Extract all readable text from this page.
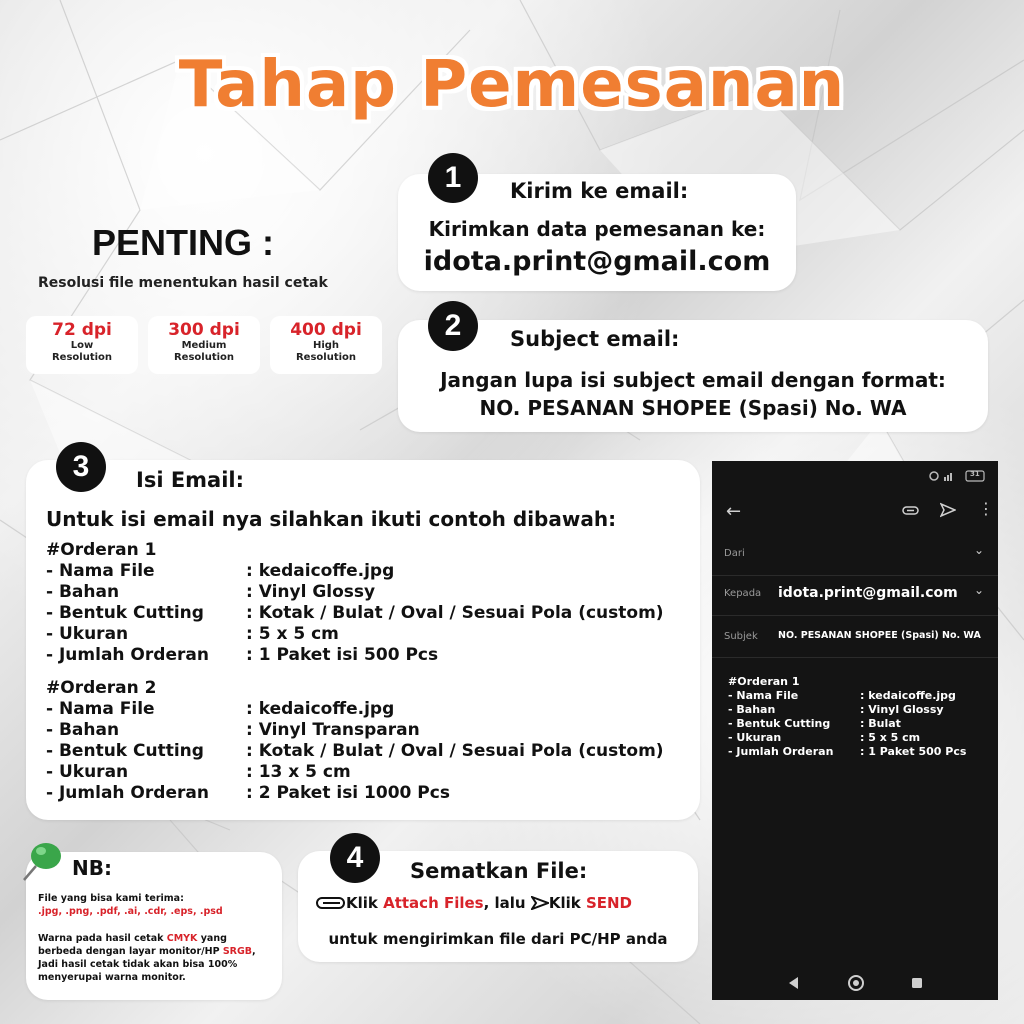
Tahap Pemesanan
PENTING :
Resolusi file menentukan hasil cetak
72 dpi
Low
Resolution
300 dpi
Medium
Resolution
400 dpi
High
Resolution
1	Kirim ke email:
Kirimkan data pemesanan ke:
idota.print@gmail.com
2	Subject email:
Jangan lupa isi subject email dengan format:
NO. PESANAN SHOPEE (Spasi) No. WA
3	Isi Email:
Untuk isi email nya silahkan ikuti contoh dibawah:
#Orderan 1
- Nama File	: kedaicoffe.jpg
- Bahan	: Vinyl Glossy
- Bentuk Cutting : Kotak / Bulat / Oval / Sesuai Pola (custom)
- Ukuran	: 5 x 5 cm
- Jumlah Orderan : 1 Paket isi 500 Pcs
#Orderan 2
- Nama File	: kedaicoffe.jpg
- Bahan	: Vinyl Transparan
- Bentuk Cutting : Kotak / Bulat / Oval / Sesuai Pola (custom)
- Ukuran	: 13 x 5 cm
- Jumlah Orderan : 2 Paket isi 1000 Pcs
31
←	⋮
Dari	⌄
Kepada idota.print@gmail.com ⌄
Subjek NO. PESANAN SHOPEE (Spasi) No. WA
#Orderan 1
- Nama File	: kedaicoffe.jpg
- Bahan	: Vinyl Glossy
- Bentuk Cutting	: Bulat
- Ukuran	: 5 x 5 cm
- Jumlah Orderan : 1 Paket 500 Pcs
NB:
File yang bisa kami terima:
.jpg, .png, .pdf, .ai, .cdr, .eps, .psd
Warna pada hasil cetak CMYK yang
berbeda dengan layar monitor/HP SRGB,
Jadi hasil cetak tidak akan bisa 100%
menyerupai warna monitor.
4	Sematkan File:
Klik Attach Files, lalu Klik SEND
untuk mengirimkan file dari PC/HP anda
